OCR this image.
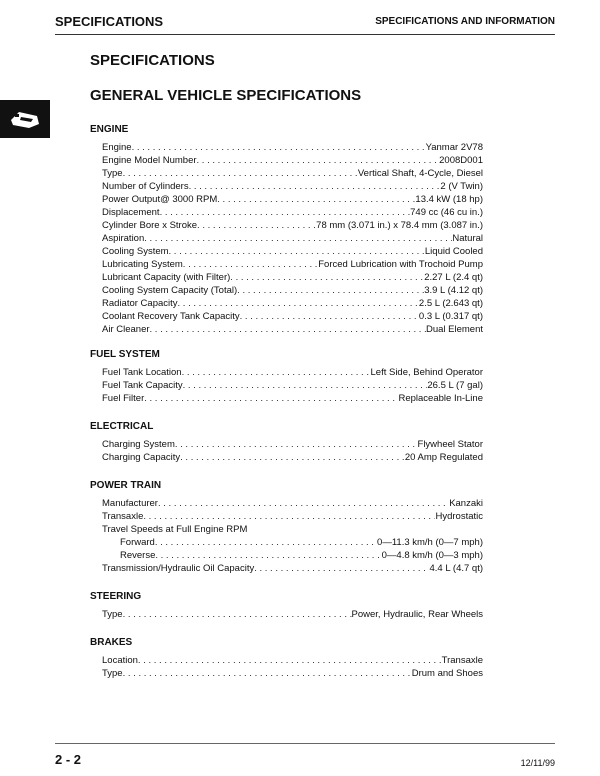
SPECIFICATIONS	SPECIFICATIONS AND INFORMATION
SPECIFICATIONS
GENERAL VEHICLE SPECIFICATIONS
ENGINE
Engine . . .	Yanmar 2V78
Engine Model Number . . .	2008D001
Type . . .	Vertical Shaft, 4-Cycle, Diesel
Number of Cylinders . . .	2 (V Twin)
Power Output@ 3000 RPM . . .	13.4 kW (18 hp)
Displacement . . .	749 cc (46 cu in.)
Cylinder Bore x Stroke . . .	78 mm (3.071 in.) x 78.4 mm (3.087 in.)
Aspiration . . .	Natural
Cooling System . . .	Liquid Cooled
Lubricating System . . .	Forced Lubrication with Trochoid Pump
Lubricant Capacity (with Filter) . . .	2.27 L (2.4 qt)
Cooling System Capacity (Total) . . .	3.9 L (4.12 qt)
Radiator Capacity . . .	2.5 L (2.643 qt)
Coolant Recovery Tank Capacity . . .	0.3 L (0.317 qt)
Air Cleaner . . .	Dual Element
FUEL SYSTEM
Fuel Tank Location . . .	Left Side, Behind Operator
Fuel Tank Capacity . . .	26.5 L (7 gal)
Fuel Filter . . .	Replaceable In-Line
ELECTRICAL
Charging System . . .	Flywheel Stator
Charging Capacity . . .	20 Amp Regulated
POWER TRAIN
Manufacturer . . .	Kanzaki
Transaxle . . .	Hydrostatic
Travel Speeds at Full Engine RPM
Forward . . .	0—11.3 km/h (0—7 mph)
Reverse . . .	0—4.8 km/h (0—3 mph)
Transmission/Hydraulic Oil Capacity . . .	4.4 L (4.7 qt)
STEERING
Type . . .	Power, Hydraulic, Rear Wheels
BRAKES
Location . . .	Transaxle
Type . . .	Drum and Shoes
2 - 2	12/11/99
